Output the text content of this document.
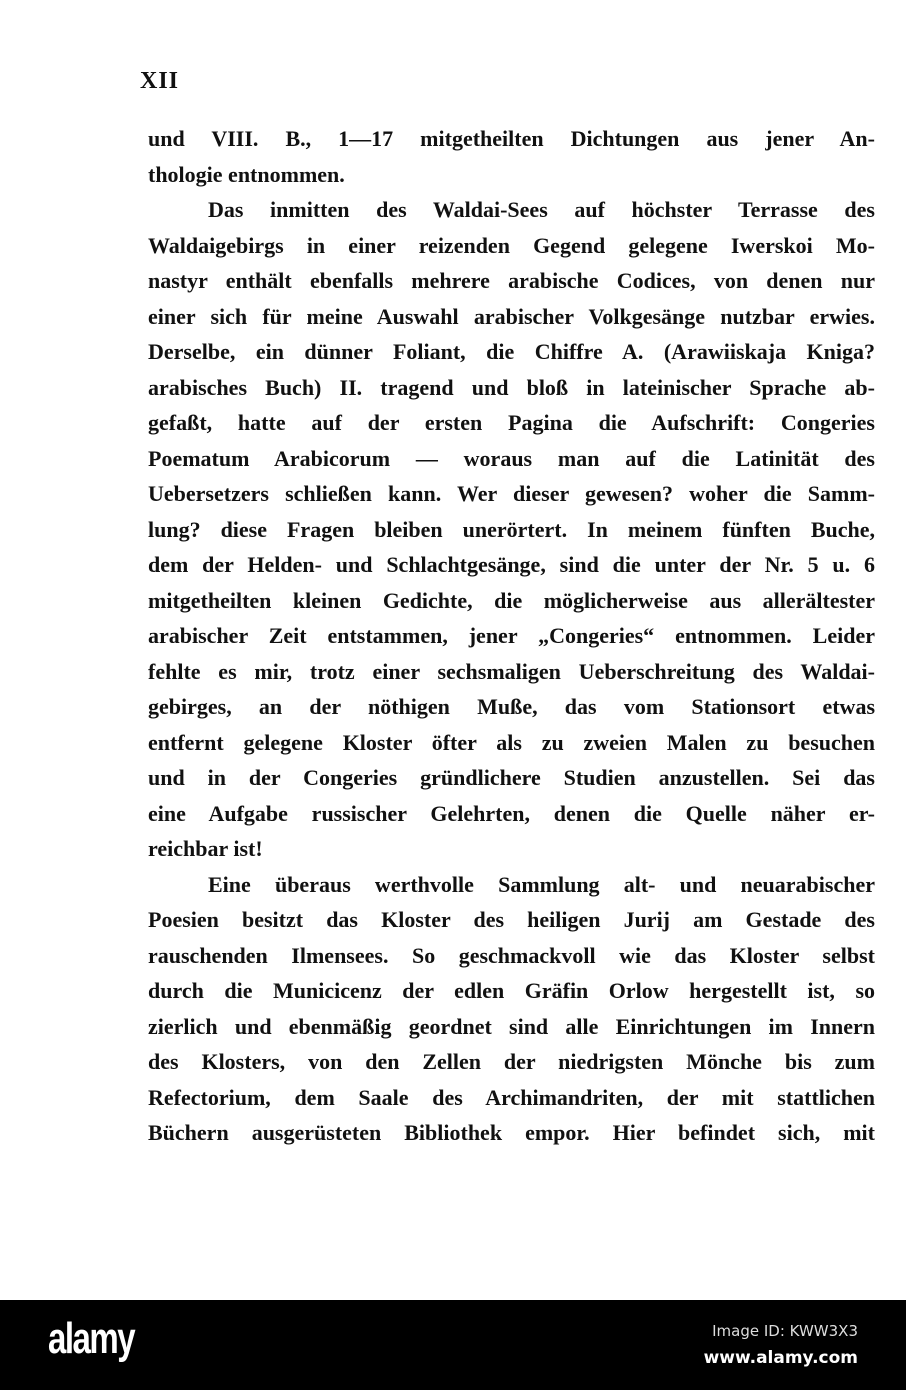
XII
und VIII. B., 1—17 mitgetheilten Dichtungen aus jener An-
thologie entnommen.
Das inmitten des Waldai-Sees auf höchster Terrasse des
Waldaigebirgs in einer reizenden Gegend gelegene Iwerskoi Mo-
nastyr enthält ebenfalls mehrere arabische Codices, von denen nur
einer sich für meine Auswahl arabischer Volkgesänge nutzbar erwies.
Derselbe, ein dünner Foliant, die Chiffre A. (Arawiiskaja Kniga?
arabisches Buch) II. tragend und bloß in lateinischer Sprache ab-
gefaßt, hatte auf der ersten Pagina die Aufschrift: Congeries
Poematum Arabicorum — woraus man auf die Latinität des
Uebersetzers schließen kann. Wer dieser gewesen? woher die Samm-
lung? diese Fragen bleiben unerörtert. In meinem fünften Buche,
dem der Helden- und Schlachtgesänge, sind die unter der Nr. 5 u. 6
mitgetheilten kleinen Gedichte, die möglicherweise aus allerältester
arabischer Zeit entstammen, jener „Congeries“ entnommen. Leider
fehlte es mir, trotz einer sechsmaligen Ueberschreitung des Waldai-
gebirges, an der nöthigen Muße, das vom Stationsort etwas
entfernt gelegene Kloster öfter als zu zweien Malen zu besuchen
und in der Congeries gründlichere Studien anzustellen. Sei das
eine Aufgabe russischer Gelehrten, denen die Quelle näher er-
reichbar ist!
Eine überaus werthvolle Sammlung alt- und neuarabischer
Poesien besitzt das Kloster des heiligen Jurij am Gestade des
rauschenden Ilmensees. So geschmackvoll wie das Kloster selbst
durch die Municicenz der edlen Gräfin Orlow hergestellt ist, so
zierlich und ebenmäßig geordnet sind alle Einrichtungen im Innern
des Klosters, von den Zellen der niedrigsten Mönche bis zum
Refectorium, dem Saale des Archimandriten, der mit stattlichen
Büchern ausgerüsteten Bibliothek empor. Hier befindet sich, mit
alamy	Image ID: KWW3X3
www.alamy.com
